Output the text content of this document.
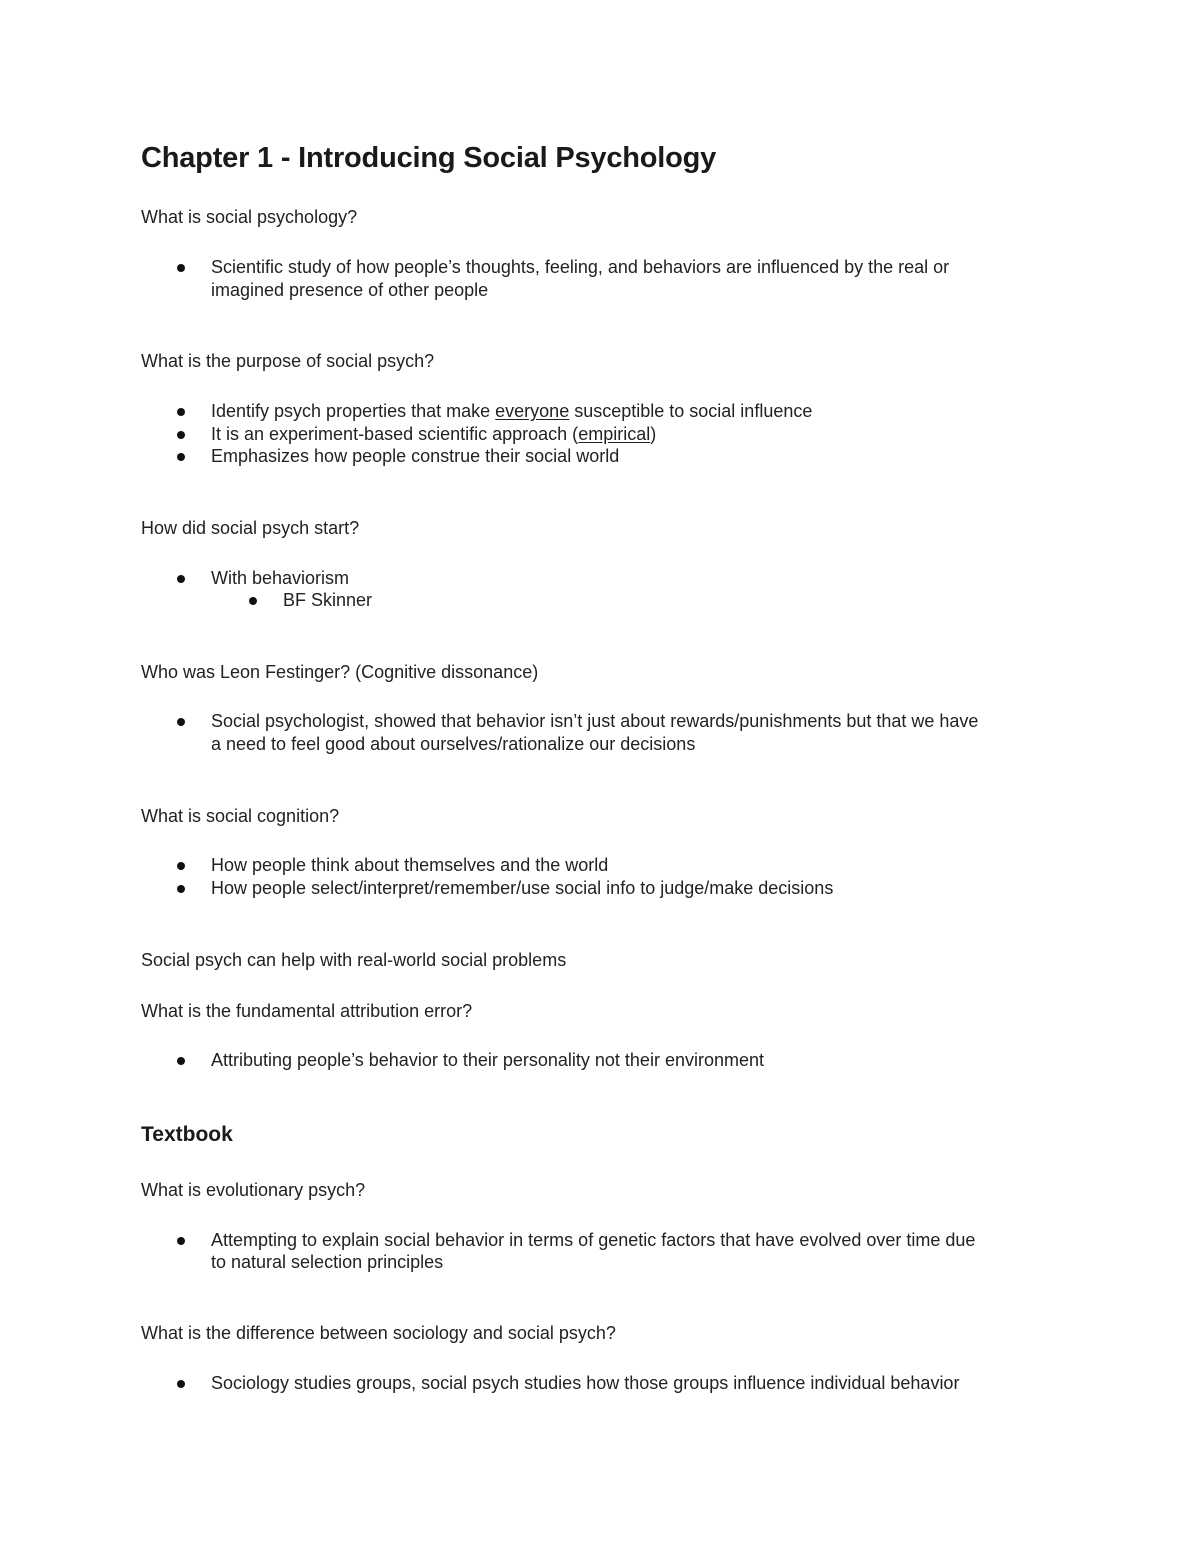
Chapter 1 - Introducing Social Psychology
What is social psychology?
Scientific study of how people’s thoughts, feeling, and behaviors are influenced by the real or
imagined presence of other people
What is the purpose of social psych?
Identify psych properties that make everyone susceptible to social influence
It is an experiment-based scientific approach (empirical)
Emphasizes how people construe their social world
How did social psych start?
With behaviorism
BF Skinner
Who was Leon Festinger? (Cognitive dissonance)
Social psychologist, showed that behavior isn’t just about rewards/punishments but that we have
a need to feel good about ourselves/rationalize our decisions
What is social cognition?
How people think about themselves and the world
How people select/interpret/remember/use social info to judge/make decisions
Social psych can help with real-world social problems
What is the fundamental attribution error?
Attributing people’s behavior to their personality not their environment
Textbook
What is evolutionary psych?
Attempting to explain social behavior in terms of genetic factors that have evolved over time due
to natural selection principles
What is the difference between sociology and social psych?
Sociology studies groups, social psych studies how those groups influence individual behavior
